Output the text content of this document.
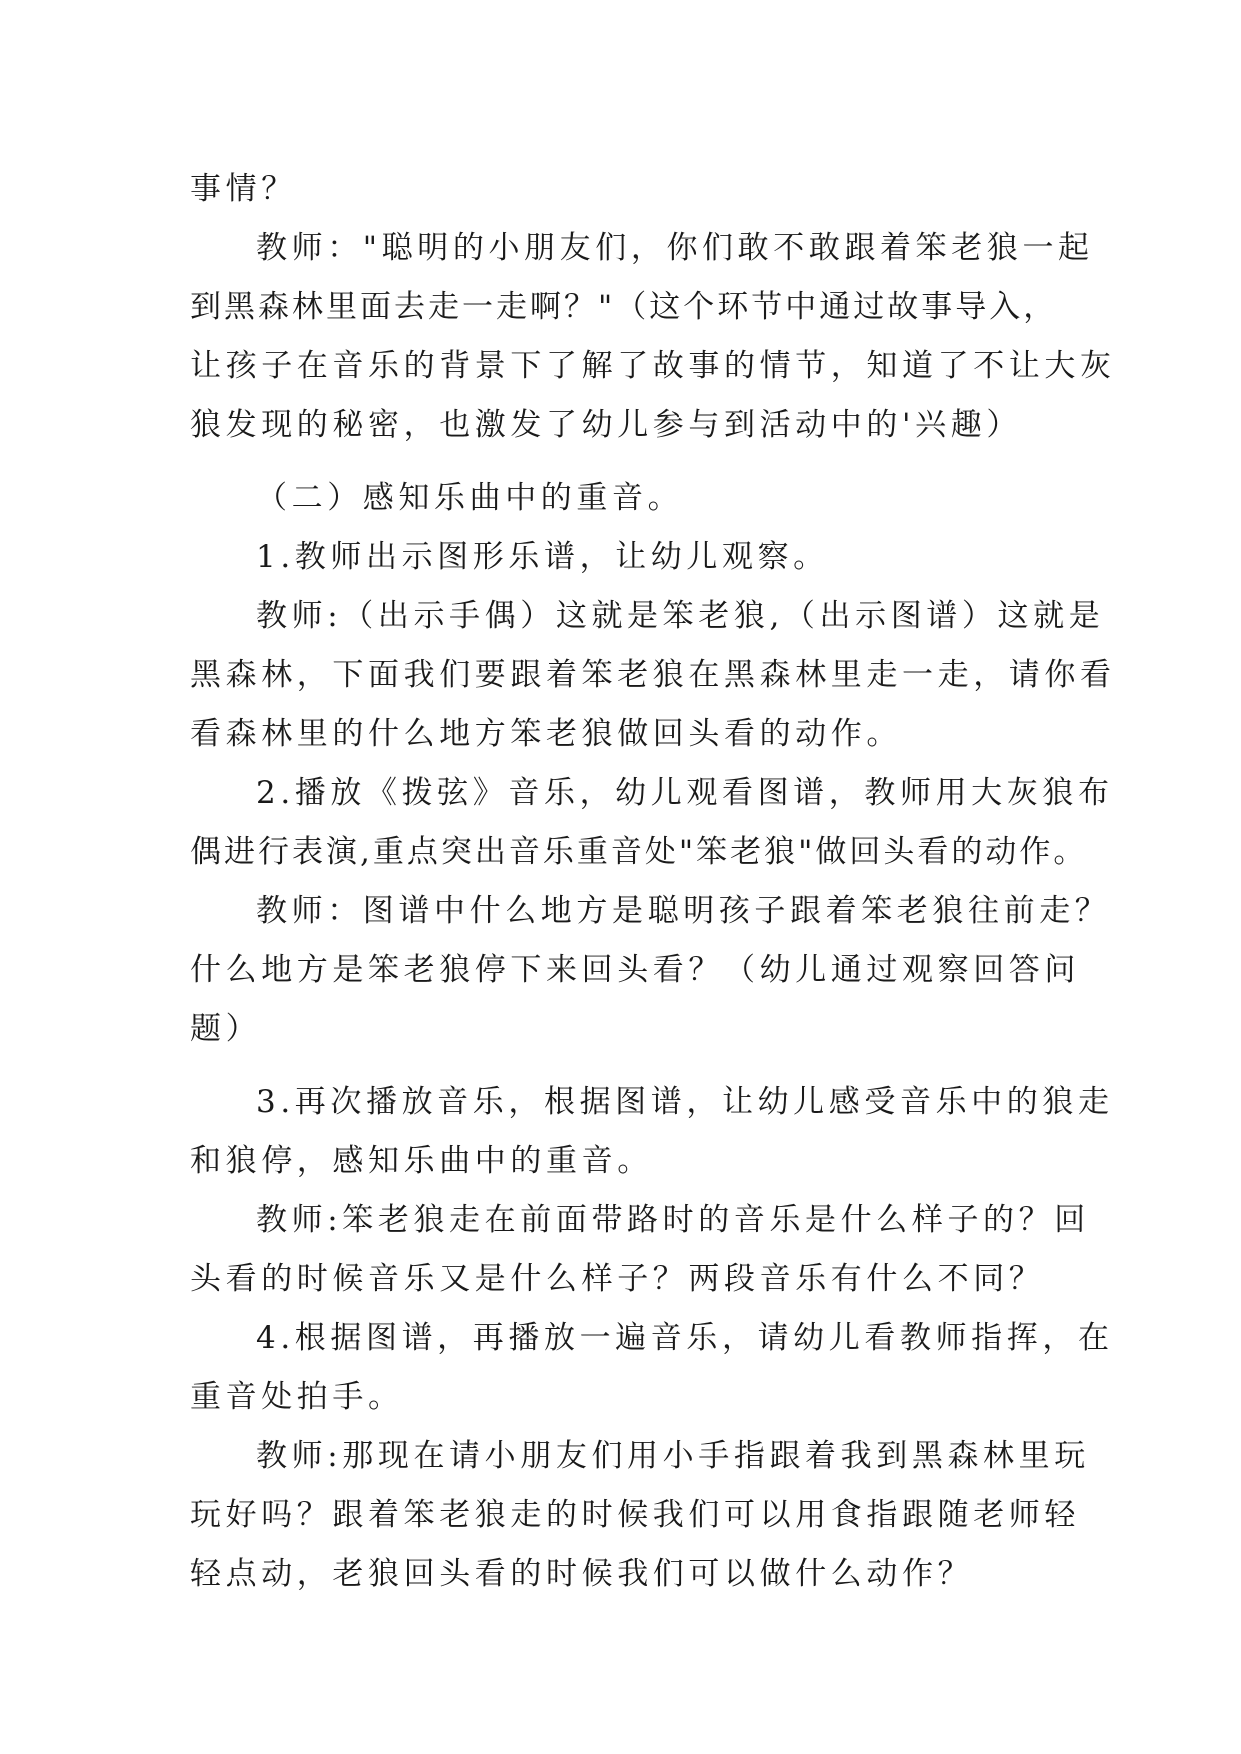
事情？
教师："聪明的小朋友们，你们敢不敢跟着笨老狼一起
到黑森林里面去走一走啊？"（这个环节中通过故事导入，
让孩子在音乐的背景下了解了故事的情节，知道了不让大灰
狼发现的秘密，也激发了幼儿参与到活动中的'兴趣）
（二）感知乐曲中的重音。
1.教师出示图形乐谱，让幼儿观察。
教师:（出示手偶）这就是笨老狼,（出示图谱）这就是
黑森林，下面我们要跟着笨老狼在黑森林里走一走，请你看
看森林里的什么地方笨老狼做回头看的动作。
2.播放《拨弦》音乐，幼儿观看图谱，教师用大灰狼布
偶进行表演,重点突出音乐重音处"笨老狼"做回头看的动作。
教师：图谱中什么地方是聪明孩子跟着笨老狼往前走？
什么地方是笨老狼停下来回头看？（幼儿通过观察回答问
题）
3.再次播放音乐，根据图谱，让幼儿感受音乐中的狼走
和狼停，感知乐曲中的重音。
教师:笨老狼走在前面带路时的音乐是什么样子的？回
头看的时候音乐又是什么样子？两段音乐有什么不同？
4.根据图谱，再播放一遍音乐，请幼儿看教师指挥，在
重音处拍手。
教师:那现在请小朋友们用小手指跟着我到黑森林里玩
玩好吗？跟着笨老狼走的时候我们可以用食指跟随老师轻
轻点动，老狼回头看的时候我们可以做什么动作？
